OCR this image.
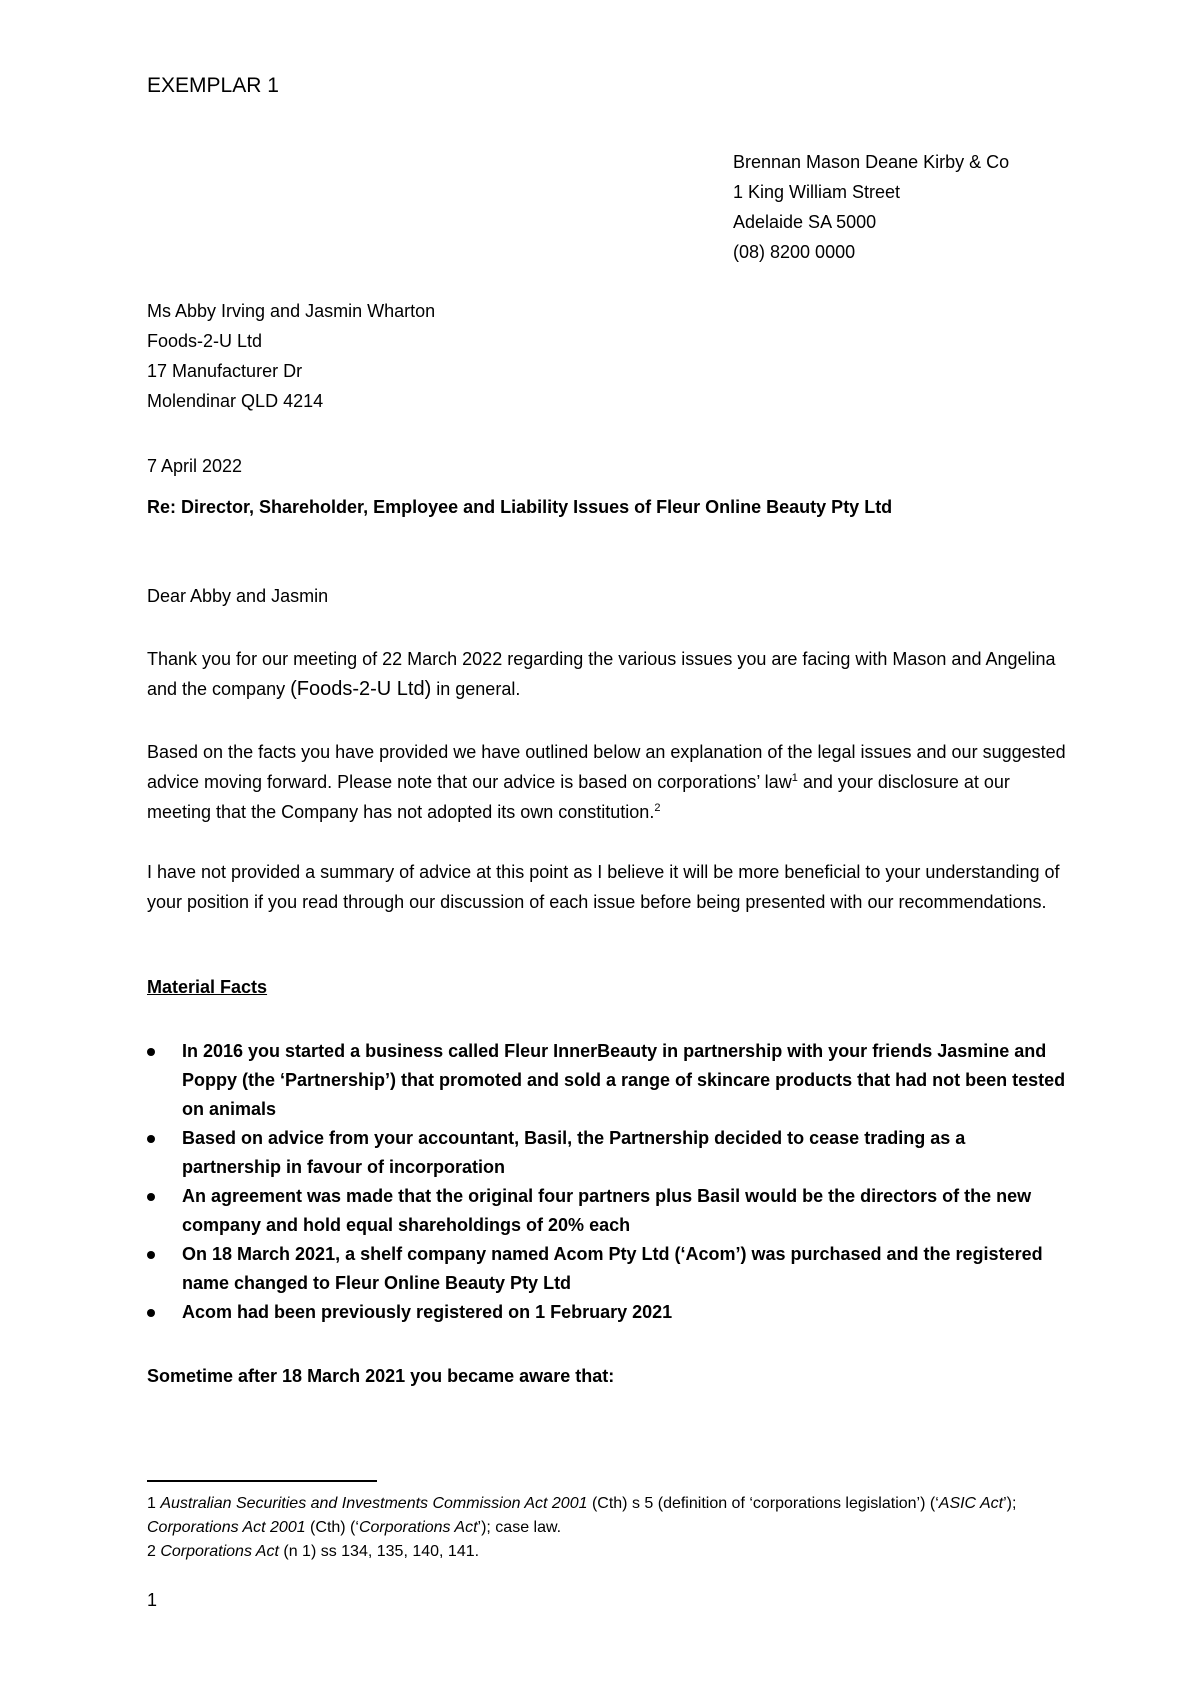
EXEMPLAR 1
Brennan Mason Deane Kirby & Co
1 King William Street
Adelaide SA 5000
(08) 8200 0000
Ms Abby Irving and Jasmin Wharton
Foods-2-U Ltd
17 Manufacturer Dr
Molendinar QLD 4214
7 April 2022
Re: Director, Shareholder, Employee and Liability Issues of Fleur Online Beauty Pty Ltd
Dear Abby and Jasmin
Thank you for our meeting of 22 March 2022 regarding the various issues you are facing with Mason and Angelina and the company (Foods-2-U Ltd) in general.
Based on the facts you have provided we have outlined below an explanation of the legal issues and our suggested advice moving forward. Please note that our advice is based on corporations’ law$^1$ and your disclosure at our meeting that the Company has not adopted its own constitution.$^2$
I have not provided a summary of advice at this point as I believe it will be more beneficial to your understanding of your position if you read through our discussion of each issue before being presented with our recommendations.
Material Facts
In 2016 you started a business called Fleur InnerBeauty in partnership with your friends Jasmine and Poppy (the ‘Partnership’) that promoted and sold a range of skincare products that had not been tested on animals
Based on advice from your accountant, Basil, the Partnership decided to cease trading as a partnership in favour of incorporation
An agreement was made that the original four partners plus Basil would be the directors of the new company and hold equal shareholdings of 20% each
On 18 March 2021, a shelf company named Acom Pty Ltd (‘Acom’) was purchased and the registered name changed to Fleur Online Beauty Pty Ltd
Acom had been previously registered on 1 February 2021
Sometime after 18 March 2021 you became aware that:
1 Australian Securities and Investments Commission Act 2001 (Cth) s 5 (definition of ‘corporations legislation’) (‘ASIC Act’); Corporations Act 2001 (Cth) (‘Corporations Act’); case law.
2 Corporations Act (n 1) ss 134, 135, 140, 141.
1
